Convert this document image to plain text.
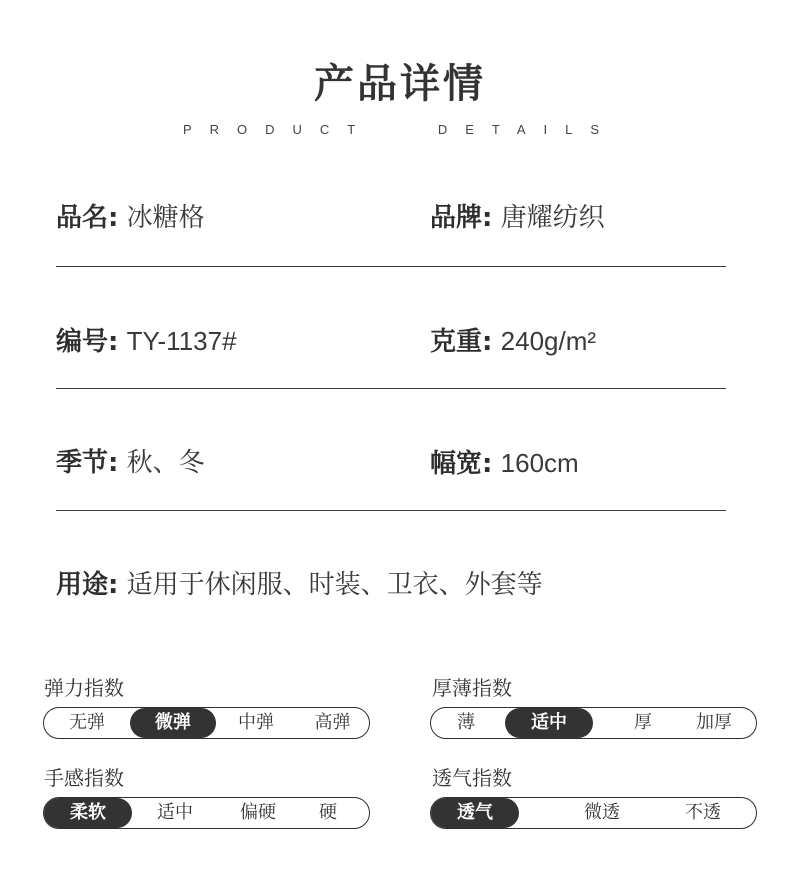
产品详情
PRODUCT   DETAILS
品名: 冰糖格	品牌: 唐耀纺织
编号: TY-1137#	克重: 240g/m²
季节: 秋、冬	幅宽: 160cm
用途: 适用于休闲服、时装、卫衣、外套等
弹力指数	厚薄指数
手感指数	透气指数
无弹	微弹	中弹	高弹	薄	适中	厚	加厚
柔软	适中	偏硬	硬	透气	微透	不透
